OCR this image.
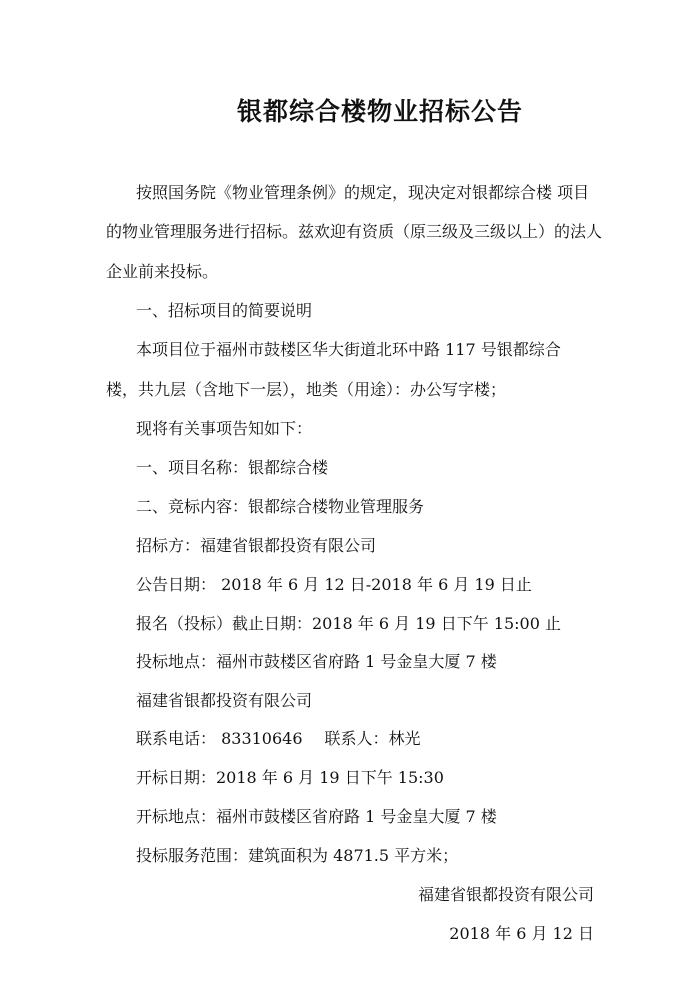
银都综合楼物业招标公告
按照国务院《物业管理条例》的规定，现决定对银都综合楼 项目
的物业管理服务进行招标。兹欢迎有资质（原三级及三级以上）的法人
企业前来投标。
一、招标项目的简要说明
本项目位于福州市鼓楼区华大街道北环中路 117 号银都综合
楼，共九层（含地下一层），地类（用途）：办公写字楼；
现将有关事项告知如下：
一、项目名称：银都综合楼
二、竞标内容：银都综合楼物业管理服务
招标方：福建省银都投资有限公司
公告日期： 2018 年 6 月 12 日-2018 年 6 月 19 日止
报名（投标）截止日期：2018 年 6 月 19 日下午 15:00 止
投标地点：福州市鼓楼区省府路 1 号金皇大厦 7 楼
福建省银都投资有限公司
联系电话： 83310646 联系人：林光
开标日期：2018 年 6 月 19 日下午 15:30
开标地点：福州市鼓楼区省府路 1 号金皇大厦 7 楼
投标服务范围：建筑面积为 4871.5 平方米；
福建省银都投资有限公司
2018 年 6 月 12 日
